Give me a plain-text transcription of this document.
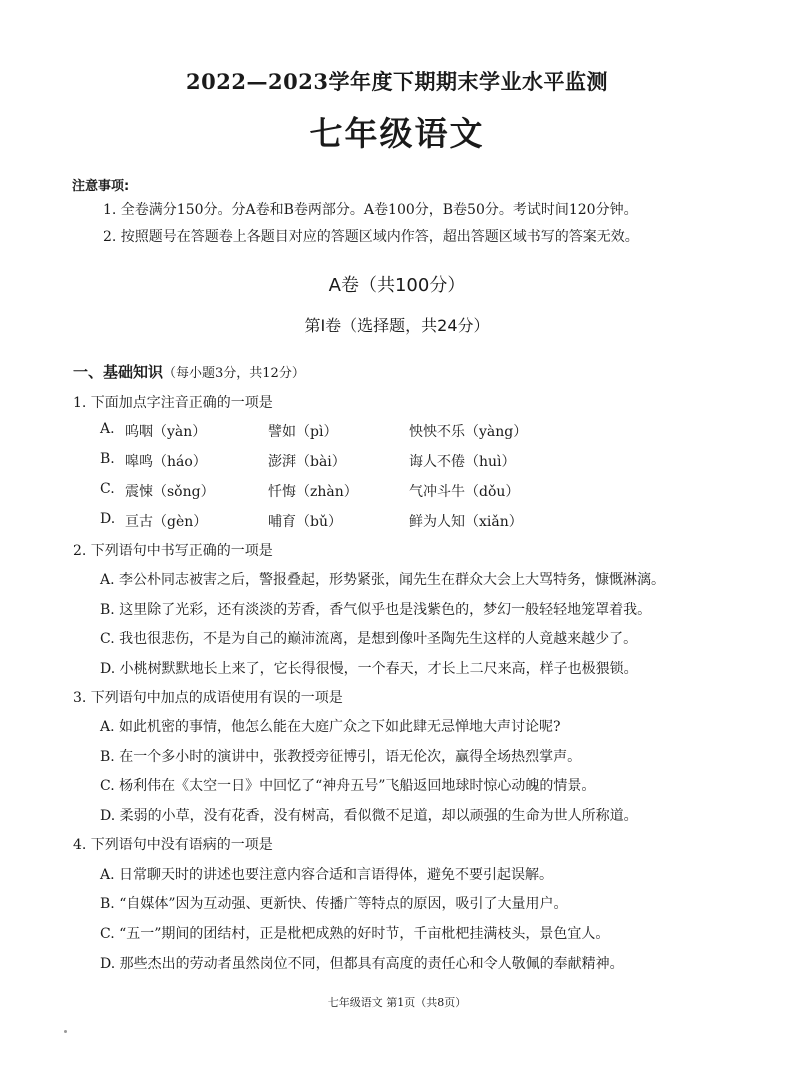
2022—2023学年度下期期末学业水平监测
七年级语文
注意事项:
1. 全卷满分150分。分A卷和B卷两部分。A卷100分，B卷50分。考试时间120分钟。
2. 按照题号在答题卷上各题目对应的答题区域内作答，超出答题区域书写的答案无效。
A卷（共100分）
第Ⅰ卷（选择题，共24分）
一、基础知识（每小题3分，共12分）
1. 下面加点字注音正确的一项是
A. 呜咽（yàn）	譬如（pì）	怏怏不乐（yàng）
B. 嗥鸣（háo）	澎湃（bài）	诲人不倦（huì）
C. 震悚（sǒng）	忏悔（zhàn）	气冲斗牛（dǒu）
D. 亘古（gèn）	哺育（bǔ）	鲜为人知（xiǎn）
2. 下列语句中书写正确的一项是
A. 李公朴同志被害之后，警报叠起，形势紧张，闻先生在群众大会上大骂特务，慷慨淋漓。
B. 这里除了光彩，还有淡淡的芳香，香气似乎也是浅紫色的，梦幻一般轻轻地笼罩着我。
C. 我也很悲伤，不是为自己的巅沛流离，是想到像叶圣陶先生这样的人竟越来越少了。
D. 小桃树默默地长上来了，它长得很慢，一个春天，才长上二尺来高，样子也极猥锁。
3. 下列语句中加点的成语使用有误的一项是
A. 如此机密的事情，他怎么能在大庭广众之下如此肆无忌惮地大声讨论呢?
B. 在一个多小时的演讲中，张教授旁征博引，语无伦次，赢得全场热烈掌声。
C. 杨利伟在《太空一日》中回忆了“神舟五号”飞船返回地球时惊心动魄的情景。
D. 柔弱的小草，没有花香，没有树高，看似微不足道，却以顽强的生命为世人所称道。
4. 下列语句中没有语病的一项是
A. 日常聊天时的讲述也要注意内容合适和言语得体，避免不要引起误解。
B. “自媒体”因为互动强、更新快、传播广等特点的原因，吸引了大量用户。
C. “五一”期间的团结村，正是枇杷成熟的好时节，千亩枇杷挂满枝头，景色宜人。
D. 那些杰出的劳动者虽然岗位不同，但都具有高度的责任心和令人敬佩的奉献精神。
七年级语文 第1页（共8页）
